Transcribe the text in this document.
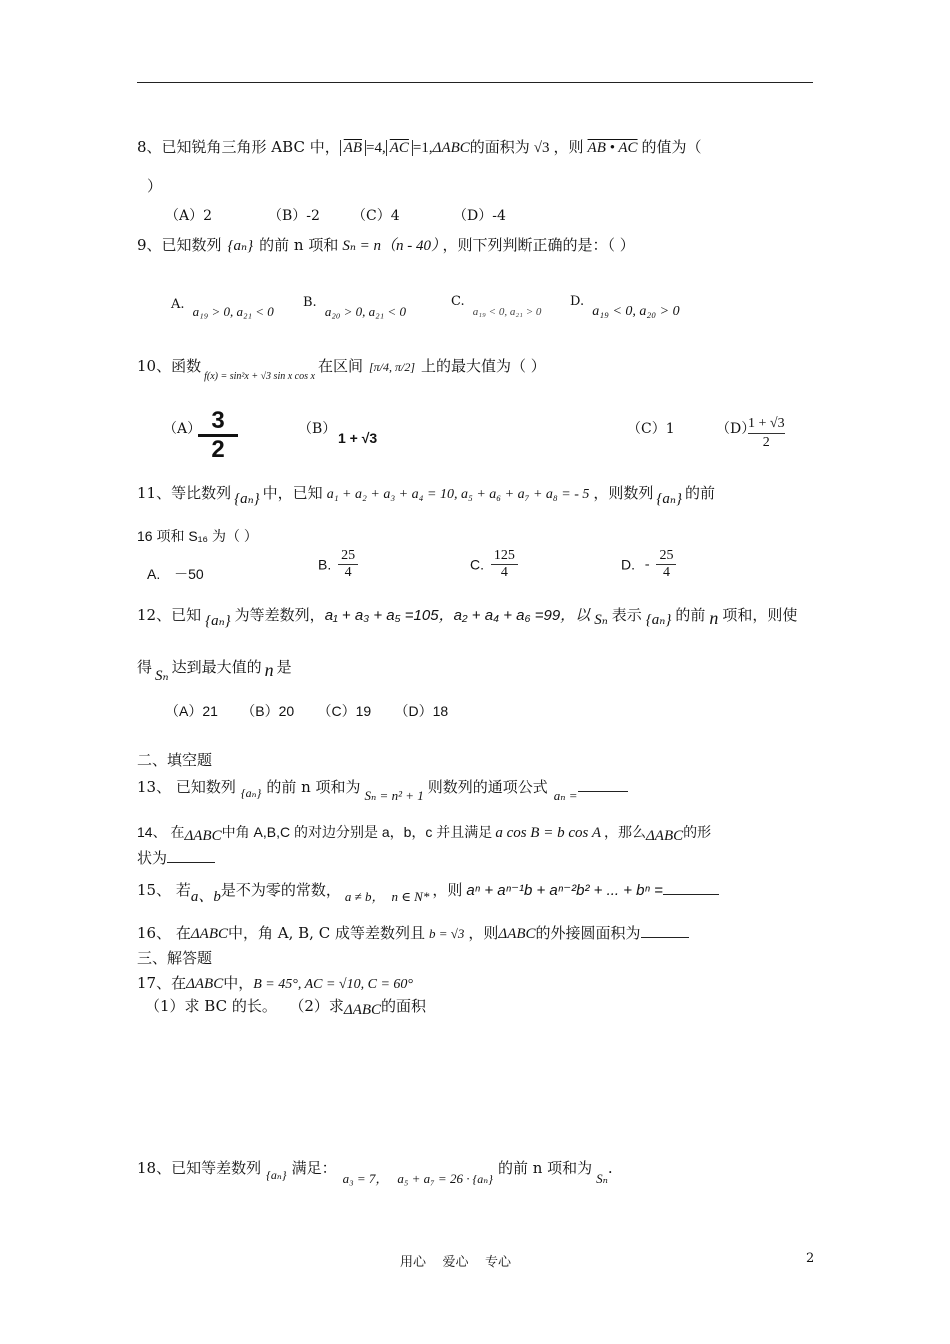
8、已知锐角三角形 ABC 中， $\overline{AB} =4$, $\overline{AC} =1,\Delta ABC$的面积为 √3 ，则 AB • AC 的值为（
）
（A）2	（B）-2 （C）4	（D）-4
9、已知数列 {aₙ} 的前 n 项和 Sₙ = n（n - 40） ，则下列判断正确的是：（ ）
A. a₁₉ > 0, a₂₁ < 0
B. a₂₀ > 0, a₂₁ < 0
C. $_{a_{19} < 0, a_{21} > 0}$
D. a₁₉ < 0, a₂₀ > 0
10、函数$_{f(x) = sin^2x + √3 sin x cos x}$在区间 [π/4, π/2] 上的最大值为（ ）
（A）
$\frac{3}{2}$	（B）
1 + √3
（C）1	（D）
$\frac{1 + √3}{2}$
11、等比数列 {aₙ} 中，已知 a₁ + a₂ + a₃ + a₄ = 10, a₅ + a₆ + a₇ + a₈ = - 5 ，则数列 {aₙ} 的前
16 项和 S₁₆ 为（ ）
A. －50
B. $\frac{25}{4}$	C. $\frac{125}{4}$	D. - $\frac{25}{4}$
12、已知 {aₙ} 为等差数列，a₁ + a₃ + a₅ =105，a₂ + a₄ + a₆ =99，以 Sₙ 表示 {aₙ} 的前 n 项和，则使
得 Sₙ 达到最大值的 n 是
（A）21      （B）20      （C）19      （D）18
二、填空题
13、 已知数列 $_{\{a_n\}}$ 的前 n 项和为 Sₙ = n² + 1 则数列的通项公式 aₙ =
14、 在ΔABC中角 A,B,C 的对边分别是 a，b，c 并且满足 a cos B = b cos A ，那么ΔABC的形
状为
15、 若a、b是不为零的常数， a ≠ b， n ∈ N* ，则 aⁿ + aⁿ⁻¹b + aⁿ⁻²b² + ... + bⁿ =
16、 在ΔABC中，角 A, B, C 成等差数列且 b = √3 ，则ΔABC的外接圆面积为
三、解答题
17、在ΔABC中，B = 45°, AC = √10, C = 60°
（1）求 BC 的长。 （2）求ΔABC的面积
18、已知等差数列 $_{\{a_n\}}$ 满足：a₃ = 7， a₅ + a₇ = 26 · $_{\{a_n\}}$的前 n 项和为Sₙ.
用心    爱心    专心	2
